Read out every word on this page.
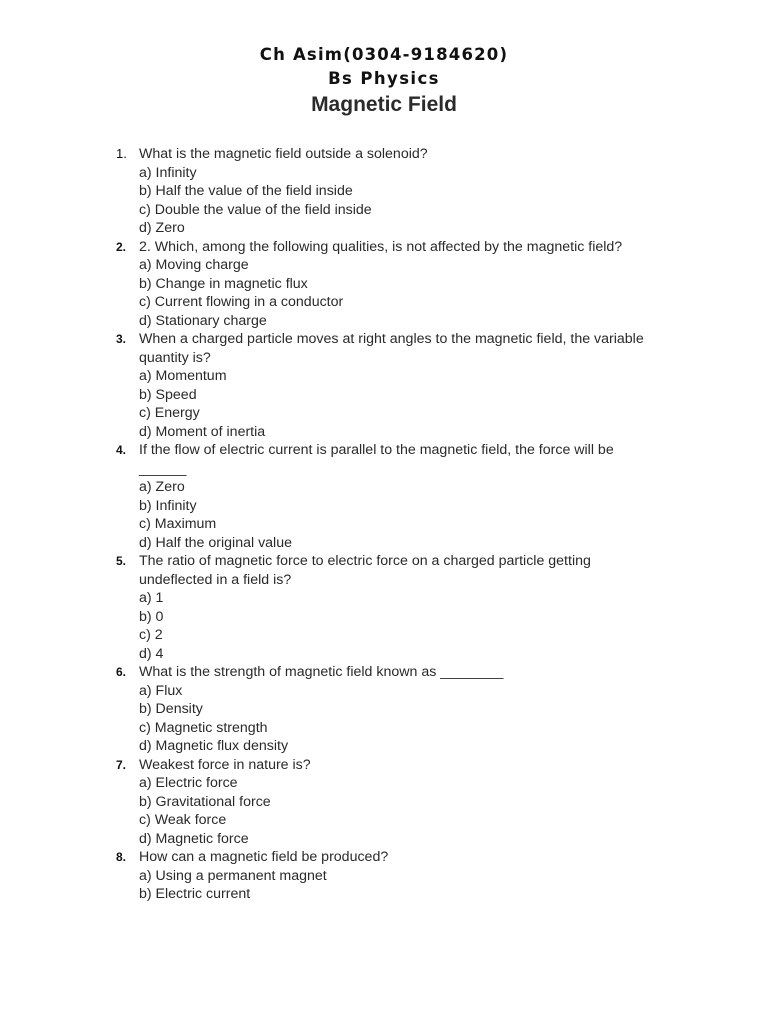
Ch Asim(0304-9184620)
Bs Physics
Magnetic Field
1. What is the magnetic field outside a solenoid?
a) Infinity
b) Half the value of the field inside
c) Double the value of the field inside
d) Zero
2. 2. Which, among the following qualities, is not affected by the magnetic field?
a) Moving charge
b) Change in magnetic flux
c) Current flowing in a conductor
d) Stationary charge
3. When a charged particle moves at right angles to the magnetic field, the variable quantity is?
a) Momentum
b) Speed
c) Energy
d) Moment of inertia
4. If the flow of electric current is parallel to the magnetic field, the force will be ______
a) Zero
b) Infinity
c) Maximum
d) Half the original value
5. The ratio of magnetic force to electric force on a charged particle getting undeflected in a field is?
a) 1
b) 0
c) 2
d) 4
6. What is the strength of magnetic field known as ________
a) Flux
b) Density
c) Magnetic strength
d) Magnetic flux density
7. Weakest force in nature is?
a) Electric force
b) Gravitational force
c) Weak force
d) Magnetic force
8. How can a magnetic field be produced?
a) Using a permanent magnet
b) Electric current
